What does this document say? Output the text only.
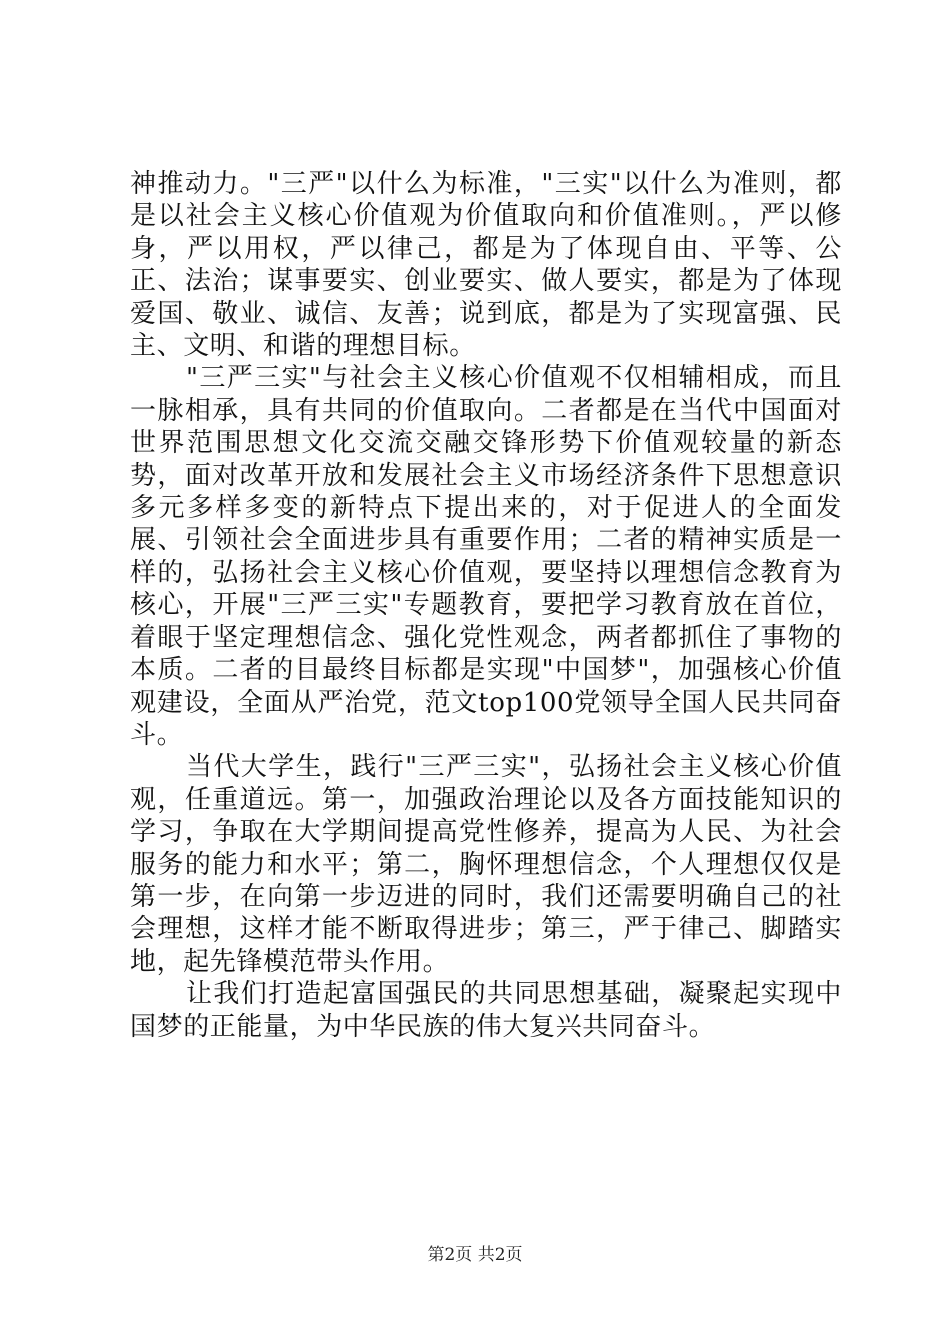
神推动力。"三严"以什么为标准，"三实"以什么为准则，都是以社会主义核心价值观为价值取向和价值准则。，严以修身，严以用权，严以律己，都是为了体现自由、平等、公正、法治；谋事要实、创业要实、做人要实，都是为了体现爱国、敬业、诚信、友善；说到底，都是为了实现富强、民主、文明、和谐的理想目标。

"三严三实"与社会主义核心价值观不仅相辅相成，而且一脉相承，具有共同的价值取向。二者都是在当代中国面对世界范围思想文化交流交融交锋形势下价值观较量的新态势，面对改革开放和发展社会主义市场经济条件下思想意识多元多样多变的新特点下提出来的，对于促进人的全面发展、引领社会全面进步具有重要作用；二者的精神实质是一样的，弘扬社会主义核心价值观，要坚持以理想信念教育为核心，开展"三严三实"专题教育，要把学习教育放在首位，着眼于坚定理想信念、强化党性观念，两者都抓住了事物的本质。二者的目最终目标都是实现"中国梦"，加强核心价值观建设，全面从严治党，范文top100党领导全国人民共同奋斗。

当代大学生，践行"三严三实"，弘扬社会主义核心价值观，任重道远。第一，加强政治理论以及各方面技能知识的学习，争取在大学期间提高党性修养，提高为人民、为社会服务的能力和水平；第二，胸怀理想信念，个人理想仅仅是第一步，在向第一步迈进的同时，我们还需要明确自己的社会理想，这样才能不断取得进步；第三，严于律己、脚踏实地，起先锋模范带头作用。

让我们打造起富国强民的共同思想基础，凝聚起实现中国梦的正能量，为中华民族的伟大复兴共同奋斗。

第2页 共2页
